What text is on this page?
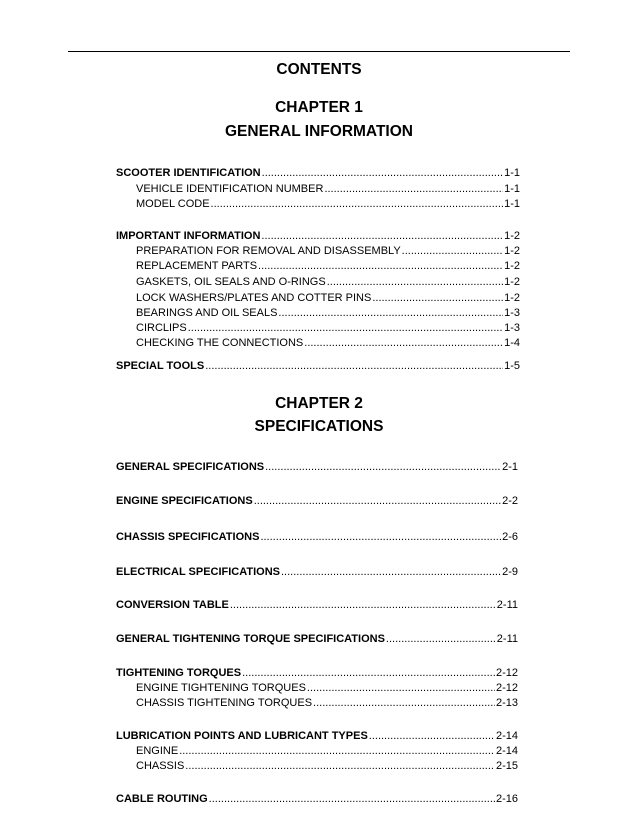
CONTENTS
CHAPTER 1
GENERAL INFORMATION
SCOOTER IDENTIFICATION .....	1-1
VEHICLE IDENTIFICATION NUMBER .....	1-1
MODEL CODE .....	1-1
IMPORTANT INFORMATION .....	1-2
PREPARATION FOR REMOVAL AND DISASSEMBLY .....	1-2
REPLACEMENT PARTS .....	1-2
GASKETS, OIL SEALS AND O-RINGS .....	1-2
LOCK WASHERS/PLATES AND COTTER PINS .....	1-2
BEARINGS AND OIL SEALS .....	1-3
CIRCLIPS .....	1-3
CHECKING THE CONNECTIONS .....	1-4
SPECIAL TOOLS .....	1-5
CHAPTER 2
SPECIFICATIONS
GENERAL SPECIFICATIONS .....	2-1
ENGINE SPECIFICATIONS .....	2-2
CHASSIS SPECIFICATIONS .....	2-6
ELECTRICAL SPECIFICATIONS .....	2-9
CONVERSION TABLE .....	2-11
GENERAL TIGHTENING TORQUE SPECIFICATIONS .....	2-11
TIGHTENING TORQUES .....	2-12
ENGINE TIGHTENING TORQUES .....	2-12
CHASSIS TIGHTENING TORQUES .....	2-13
LUBRICATION POINTS AND LUBRICANT TYPES .....	2-14
ENGINE .....	2-14
CHASSIS .....	2-15
CABLE ROUTING .....	2-16
